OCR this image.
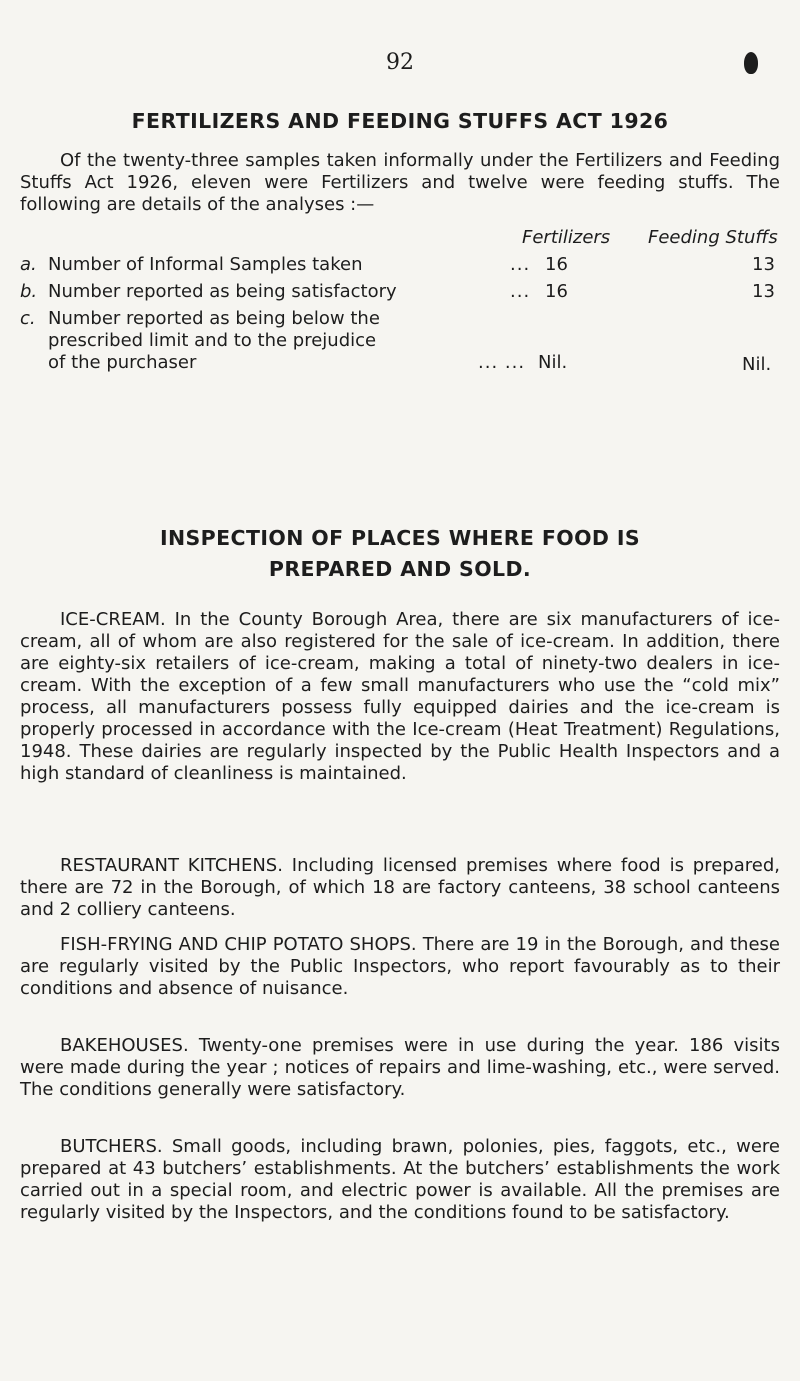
92
FERTILIZERS AND FEEDING STUFFS ACT 1926

Of the twenty-three samples taken informally under the Fertilizers and Feeding Stuffs Act 1926, eleven were Fertilizers and twelve were feeding stuffs. The following are details of the analyses :—

Fertilizers Feeding Stuffs
a. Number of Informal Samples taken	... 16	13
b. Number reported as being satisfactory	... 16	13
c. Number reported as being below the
prescribed limit and to the prejudice
of the purchaser	... ... Nil.	Nil.
INSPECTION OF PLACES WHERE FOOD IS
PREPARED AND SOLD.

ICE-CREAM. In the County Borough Area, there are six manufacturers of ice-cream, all of whom are also registered for the sale of ice-cream. In addition, there are eighty-six retailers of ice-cream, making a total of ninety-two dealers in ice-cream. With the exception of a few small manufacturers who use the “cold mix” process, all manufacturers possess fully equipped dairies and the ice-cream is properly processed in accordance with the Ice-cream (Heat Treatment) Regulations, 1948. These dairies are regularly inspected by the Public Health Inspectors and a high standard of cleanliness is maintained.

RESTAURANT KITCHENS. Including licensed premises where food is prepared, there are 72 in the Borough, of which 18 are factory canteens, 38 school canteens and 2 colliery canteens.

FISH-FRYING AND CHIP POTATO SHOPS. There are 19 in the Borough, and these are regularly visited by the Public Inspectors, who report favourably as to their conditions and absence of nuisance.

BAKEHOUSES. Twenty-one premises were in use during the year. 186 visits were made during the year ; notices of repairs and lime-washing, etc., were served. The conditions generally were satisfactory.

BUTCHERS. Small goods, including brawn, polonies, pies, faggots, etc., were prepared at 43 butchers’ establishments. At the butchers’ establishments the work carried out in a special room, and electric power is available. All the premises are regularly visited by the Inspectors, and the conditions found to be satisfactory.
